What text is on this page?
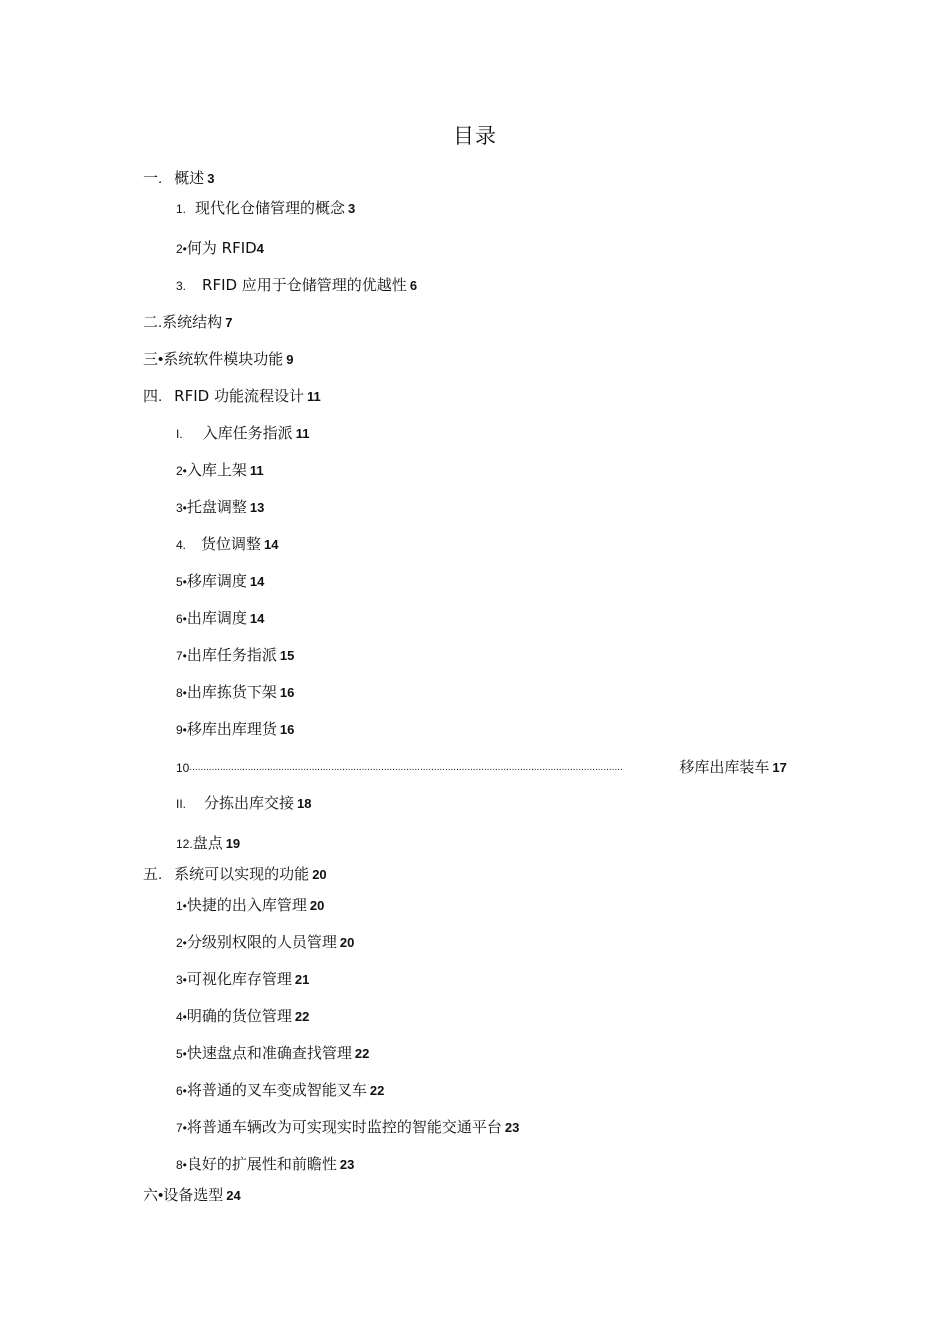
目录
一. 概述 3
1. 现代化仓储管理的概念 3
2•何为 RFID4
3. RFID 应用于仓储管理的优越性 6
二.系统结构 7
三•系统软件模块功能 9
四. RFID 功能流程设计 11
I. 入库任务指派 11
2•入库上架 11
3•托盘调整 13
4. 货位调整 14
5•移库调度 14
6•出库调度 14
7•出库任务指派 15
8•出库拣货下架 16
9•移库出库理货 16
10............................................................................................................................................................	移库出库装车 17
II. 分拣出库交接 18
12.盘点 19
五. 系统可以实现的功能 20
1•快捷的出入库管理 20
2•分级别权限的人员管理 20
3•可视化库存管理 21
4•明确的货位管理 22
5•快速盘点和准确查找管理 22
6•将普通的叉车变成智能叉车 22
7•将普通车辆改为可实现实时监控的智能交通平台 23
8•良好的扩展性和前瞻性 23
六•设备选型 24
